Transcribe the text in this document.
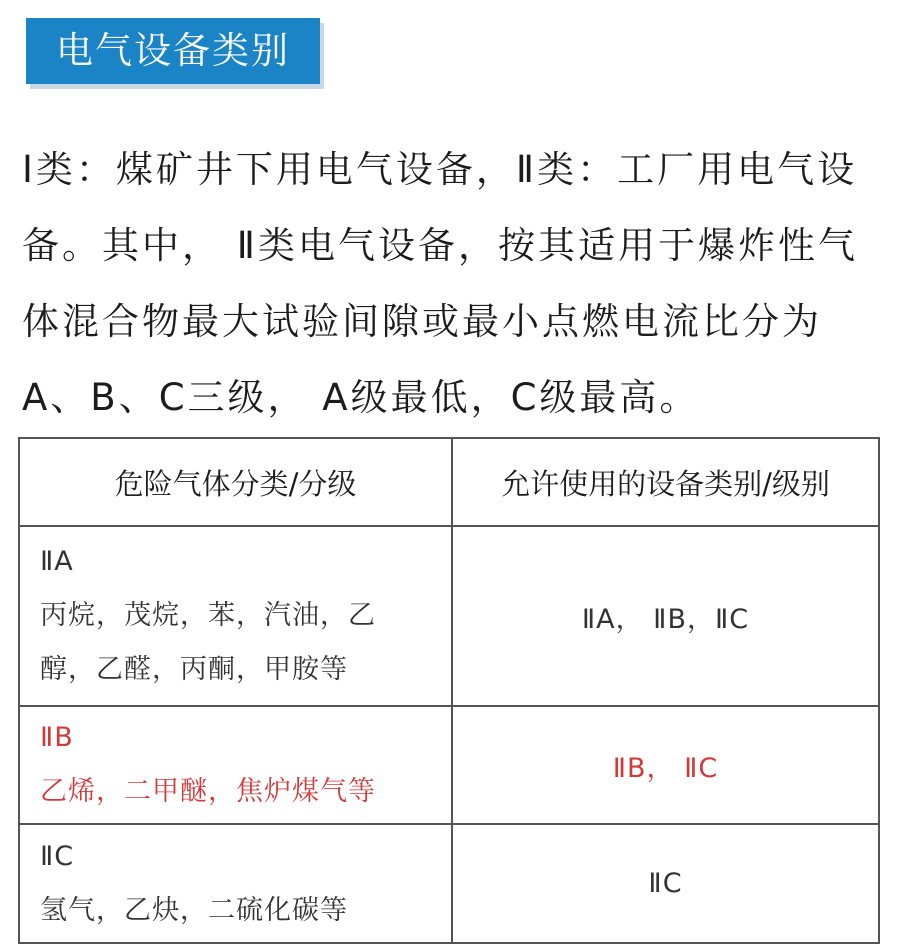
电气设备类别

Ⅰ类：煤矿井下用电气设备，Ⅱ类：工厂用电气设

备。其中， Ⅱ类电气设备，按其适用于爆炸性气

体混合物最大试验间隙或最小点燃电流比分为

A、B、C三级， A级最低，C级最高。

危险气体分类/分级	允许使用的设备类别/级别

ⅡA
丙烷，茂烷，苯，汽油，乙
醇，乙醛，丙酮，甲胺等	ⅡA， ⅡB，ⅡC

ⅡB
乙烯，二甲醚，焦炉煤气等	ⅡB， ⅡC

ⅡC
氢气，乙炔，二硫化碳等	ⅡC
